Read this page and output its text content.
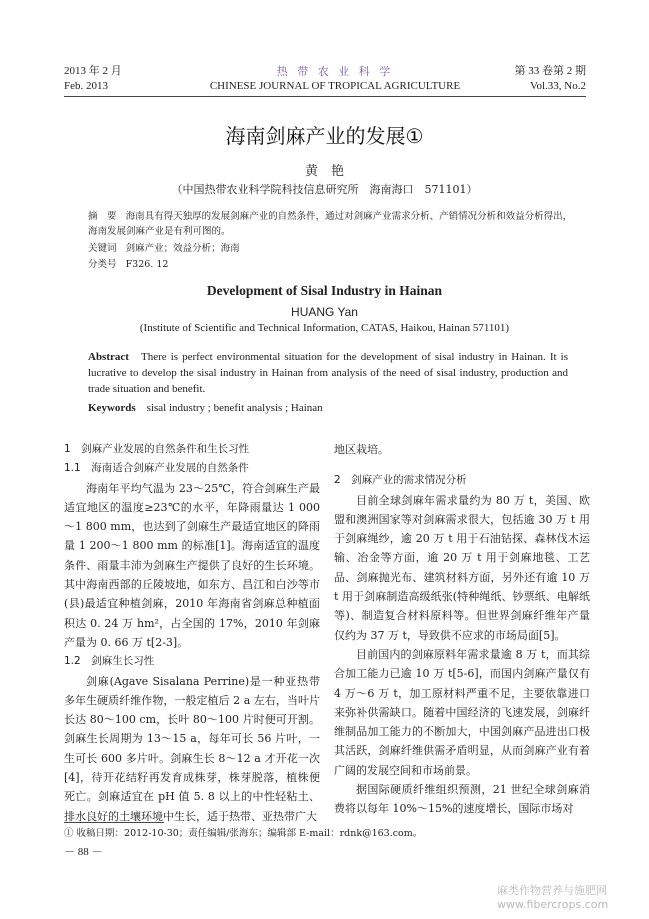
2013 年 2 月
Feb. 2013
热 带 农 业 科 学
CHINESE JOURNAL OF TROPICAL AGRICULTURE
第 33 卷第 2 期
Vol.33, No.2
海南剑麻产业的发展①
黄　艳
（中国热带农业科学院科技信息研究所　海南海口　571101）
摘　要 海南具有得天独厚的发展剑麻产业的自然条件，通过对剑麻产业需求分析、产销情况分析和效益分析得出，海南发展剑麻产业是有利可图的。
关键词 剑麻产业；效益分析；海南
分类号 F326. 12
Development of Sisal Industry in Hainan
HUANG Yan
(Institute of Scientific and Technical Information, CATAS, Haikou, Hainan 571101)
Abstract There is perfect environmental situation for the development of sisal industry in Hainan. It is lucrative to develop the sisal industry in Hainan from analysis of the need of sisal industry, production and trade situation and benefit.
Keywords sisal industry ; benefit analysis ; Hainan
1　剑麻产业发展的自然条件和生长习性
1.1　海南适合剑麻产业发展的自然条件

海南年平均气温为 23～25℃，符合剑麻生产最适宜地区的温度≥23℃的水平，年降雨量达 1 000～1 800 mm，也达到了剑麻生产最适宜地区的降雨量 1 200～1 800 mm 的标准[1]。海南适宜的温度条件、雨量丰沛为剑麻生产提供了良好的生长环境。其中海南西部的丘陵坡地，如东方、昌江和白沙等市(县)最适宜种植剑麻，2010 年海南省剑麻总种植面积达 0. 24 万 hm²，占全国的 17%，2010 年剑麻产量为 0. 66 万 t[2-3]。

1.2　剑麻生长习性

剑麻(Agave Sisalana Perrine)是一种亚热带多年生硬质纤维作物，一般定植后 2 a 左右，当叶片长达 80～100 cm，长叶 80～100 片时便可开割。剑麻生长周期为 13～15 a，每年可长 56 片叶，一生可长 600 多片叶。剑麻生长 8～12 a 才开花一次[4]，待开花结籽再发育成株芽，株芽脱落，植株便死亡。剑麻适宜在 pH 值 5. 8 以上的中性轻粘土、排水良好的土壤环境中生长，适于热带、亚热带广大

地区栽培。
2　剑麻产业的需求情况分析

目前全球剑麻年需求量约为 80 万 t，美国、欧盟和澳洲国家等对剑麻需求很大，包括逾 30 万 t 用于剑麻绳纱，逾 20 万 t 用于石油钻探、森林伐木运输、冶金等方面，逾 20 万 t 用于剑麻地毯、工艺品、剑麻抛光布、建筑材料方面，另外还有逾 10 万 t 用于剑麻制造高级纸张(特种绳纸、钞票纸、电解纸等)、制造复合材料原料等。但世界剑麻纤维年产量仅约为 37 万 t，导致供不应求的市场局面[5]。

目前国内的剑麻原料年需求量逾 8 万 t，而其综合加工能力已逾 10 万 t[5-6]，而国内剑麻产量仅有 4 万～6 万 t，加工原材料严重不足，主要依靠进口来弥补供需缺口。随着中国经济的飞速发展，剑麻纤维制品加工能力的不断加大，中国剑麻产品进出口极其活跃，剑麻纤维供需矛盾明显，从而剑麻产业有着广阔的发展空间和市场前景。

据国际硬质纤维组织预测，21 世纪全球剑麻消费将以每年 10%～15%的速度增长，国际市场对

① 收稿日期：2012-10-30；责任编辑/张海东；编辑部 E-mail：rdnk@163.com。
－ 88 －
麻类作物营养与施肥网 www.fibercrops.com
